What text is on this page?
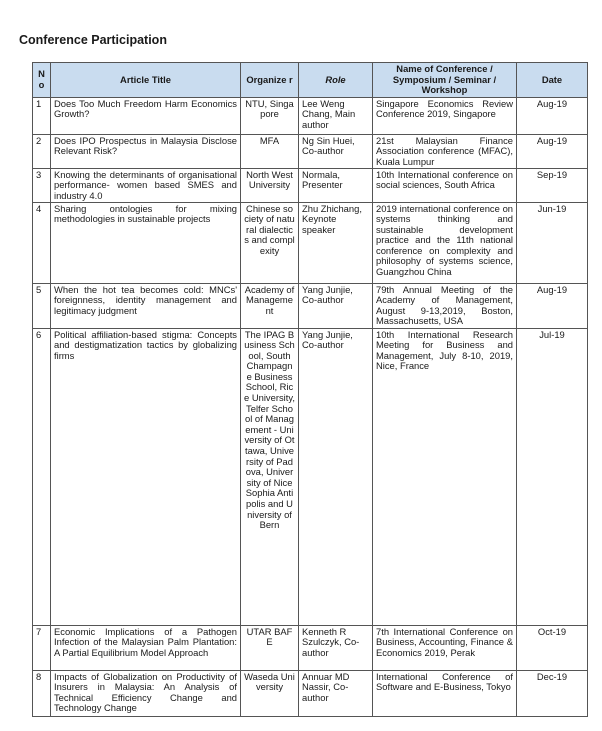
Conference Participation
N o	Article Title	Organize r	Role	Name of Conference / Symposium / Seminar / Workshop	Date
1	Does Too Much Freedom Harm Economics Growth?	NTU, Singapore	Lee Weng Chang, Main author	Singapore Economics Review Conference 2019, Singapore	Aug-19
2	Does IPO Prospectus in Malaysia Disclose Relevant Risk?	MFA	Ng Sin Huei, Co-author	21st Malaysian Finance Association conference (MFAC), Kuala Lumpur	Aug-19
3	Knowing the determinants of organisational performance- women based SMES and industry 4.0	North West University	Normala, Presenter	10th International conference on social sciences, South Africa	Sep-19
4	Sharing ontologies for mixing methodologies in sustainable projects	Chinese society of natural dialectics and complexity	Zhu Zhichang, Keynote speaker	2019 international conference on systems thinking and sustainable development practice and the 11th national conference on complexity and philosophy of systems science, Guangzhou China	Jun-19
5	When the hot tea becomes cold: MNCs' foreignness, identity management and legitimacy judgment	Academy of Management	Yang Junjie, Co-author	79th Annual Meeting of the Academy of Management, August 9-13,2019, Boston, Massachusetts, USA	Aug-19
6	Political affiliation-based stigma: Concepts and destigmatization tactics by globalizing firms	The IPAG Business School, South Champagne Business School, Rice University, Telfer School of Management - University of Ottawa, University of Padova, University of Nice Sophia Antipolis and University of Bern	Yang Junjie, Co-author	10th International Research Meeting for Business and Management, July 8-10, 2019, Nice, France	Jul-19
7	Economic Implications of a Pathogen Infection of the Malaysian Palm Plantation: A Partial Equilibrium Model Approach	UTAR BAFE	Kenneth R Szulczyk, Co-author	7th International Conference on Business, Accounting, Finance & Economics 2019, Perak	Oct-19
8	Impacts of Globalization on Productivity of Insurers in Malaysia: An Analysis of Technical Efficiency Change and Technology Change	Waseda University	Annuar MD Nassir, Co-author	International Conference of Software and E-Business, Tokyo	Dec-19
